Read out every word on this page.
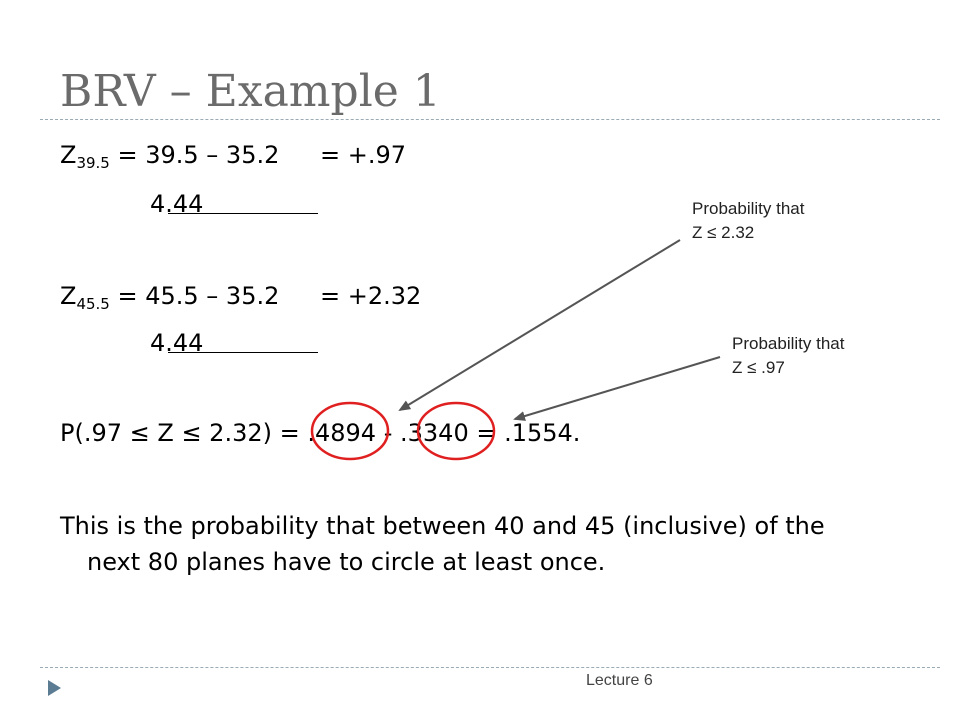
BRV – Example 1
$Z_{39.5} = 39.5 - 35.2 = +.97$
4.44
$Z_{45.5} = 45.5 - 35.2 = +2.32$
4.44
P(.97 ≤ Z ≤ 2.32) = .4894 - .3340 = .1554.
This is the probability that between 40 and 45 (inclusive) of the
next 80 planes have to circle at least once.
Probability that
Z ≤ 2.32
Probability that
Z ≤ .97
Lecture 6
